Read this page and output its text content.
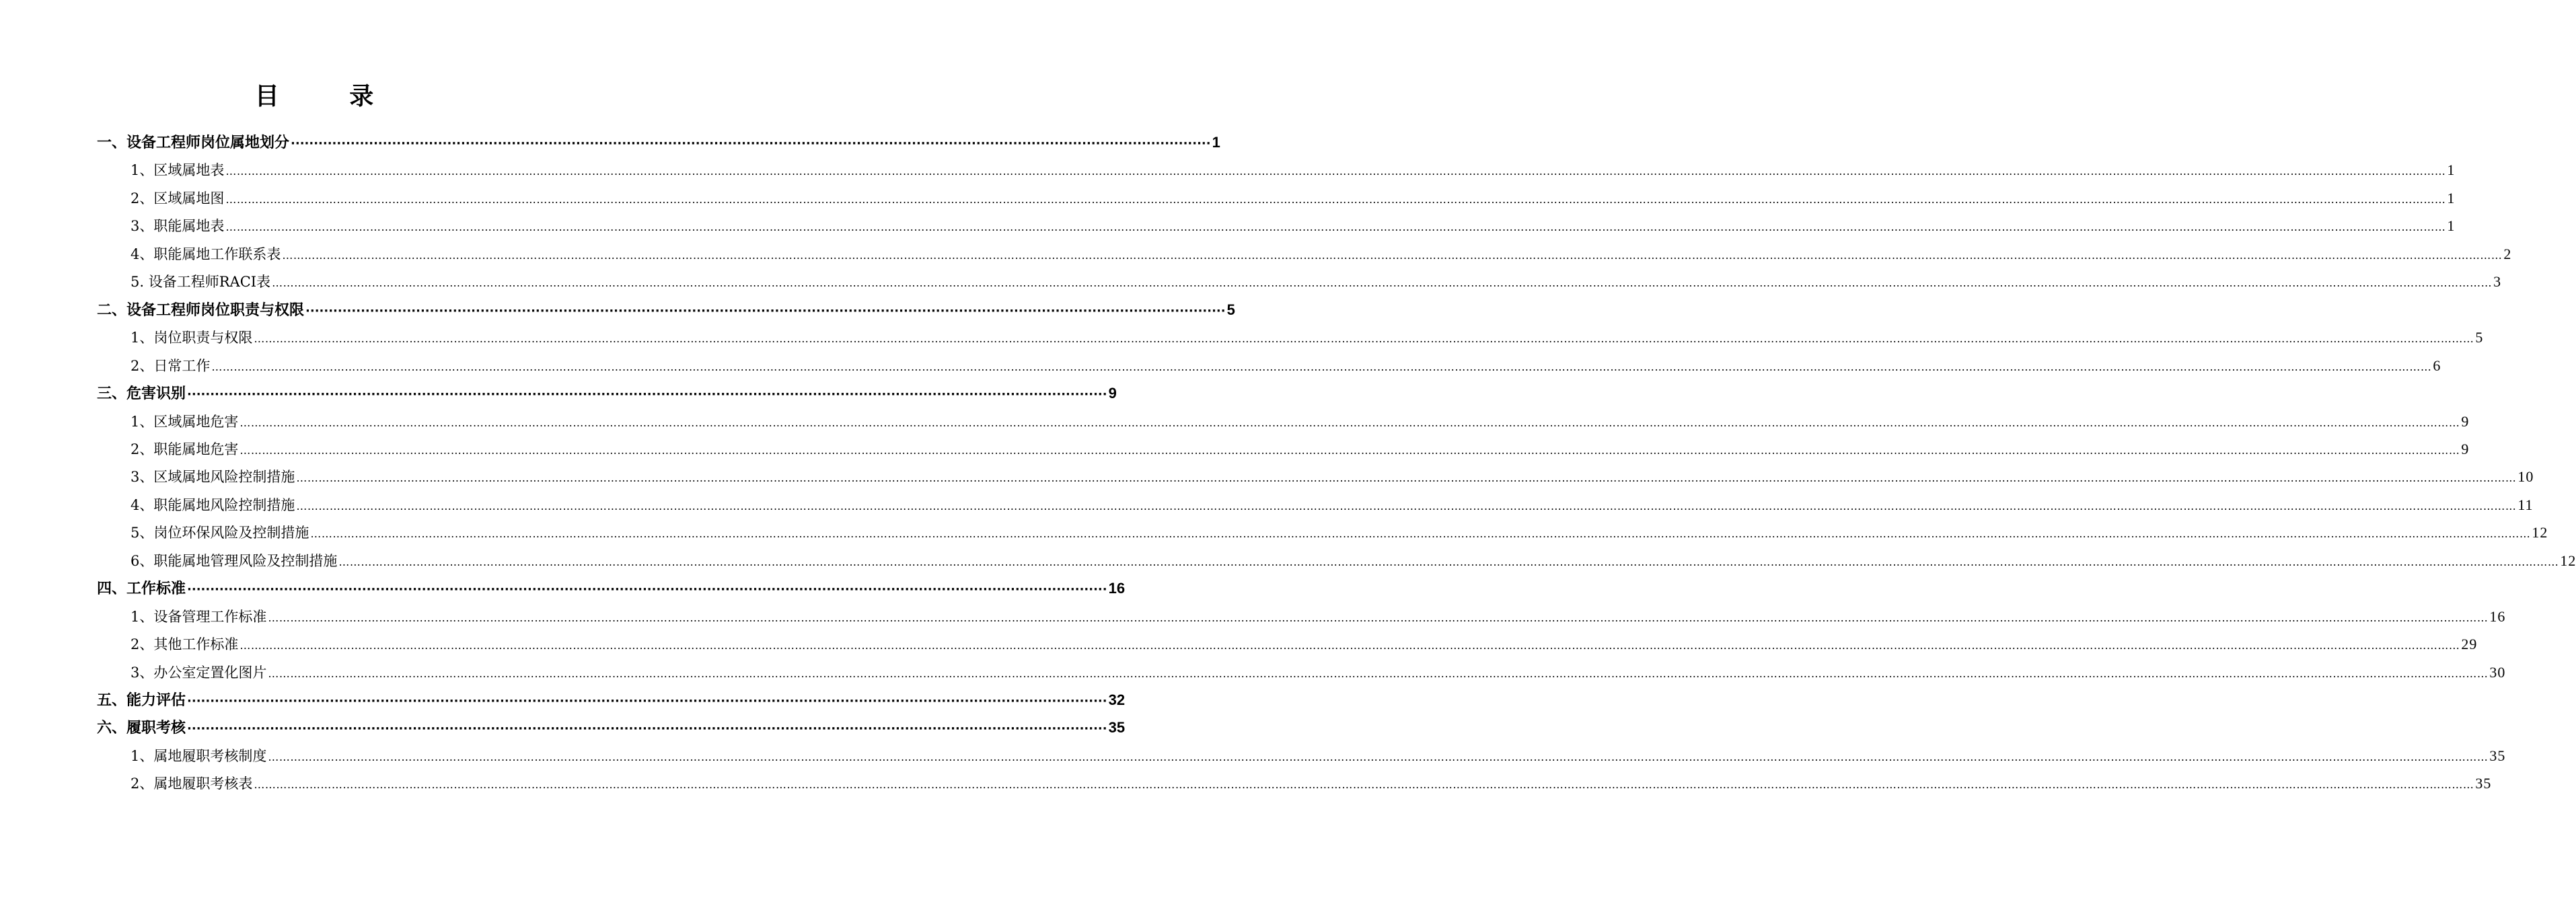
目 录
一、设备工程师岗位属地划分 ········································································································································································································ 1
1、区域属地表 …………………………………………………………………………………………………………………………………………………………………………………………………………………………………………………………………………………………………………………………………………………………………………………………………………………………………………………………………………………………………………………………………………………… 1
2、区域属地图 …………………………………………………………………………………………………………………………………………………………………………………………………………………………………………………………………………………………………………………………………………………………………………………………………………………………………………………………………………………………………………………………………………………… 1
3、职能属地表 …………………………………………………………………………………………………………………………………………………………………………………………………………………………………………………………………………………………………………………………………………………………………………………………………………………………………………………………………………………………………………………………………………………… 1
4、职能属地工作联系表 …………………………………………………………………………………………………………………………………………………………………………………………………………………………………………………………………………………………………………………………………………………………………………………………………………………………………………………………………………………………………………………………………………………… 2
5. 设备工程师RACI表 …………………………………………………………………………………………………………………………………………………………………………………………………………………………………………………………………………………………………………………………………………………………………………………………………………………………………………………………………………………………………………………………………………………… 3
二、设备工程师岗位职责与权限 ········································································································································································································ 5
1、岗位职责与权限 …………………………………………………………………………………………………………………………………………………………………………………………………………………………………………………………………………………………………………………………………………………………………………………………………………………………………………………………………………………………………………………………………………………… 5
2、日常工作 …………………………………………………………………………………………………………………………………………………………………………………………………………………………………………………………………………………………………………………………………………………………………………………………………………………………………………………………………………………………………………………………………………………… 6
三、危害识别 ········································································································································································································ 9
1、区域属地危害 …………………………………………………………………………………………………………………………………………………………………………………………………………………………………………………………………………………………………………………………………………………………………………………………………………………………………………………………………………………………………………………………………………………… 9
2、职能属地危害 …………………………………………………………………………………………………………………………………………………………………………………………………………………………………………………………………………………………………………………………………………………………………………………………………………………………………………………………………………………………………………………………………………………… 9
3、区域属地风险控制措施 …………………………………………………………………………………………………………………………………………………………………………………………………………………………………………………………………………………………………………………………………………………………………………………………………………………………………………………………………………………………………………………………………………………… 10
4、职能属地风险控制措施 …………………………………………………………………………………………………………………………………………………………………………………………………………………………………………………………………………………………………………………………………………………………………………………………………………………………………………………………………………………………………………………………………………………… 11
5、岗位环保风险及控制措施 …………………………………………………………………………………………………………………………………………………………………………………………………………………………………………………………………………………………………………………………………………………………………………………………………………………………………………………………………………………………………………………………………………………… 12
6、职能属地管理风险及控制措施 …………………………………………………………………………………………………………………………………………………………………………………………………………………………………………………………………………………………………………………………………………………………………………………………………………………………………………………………………………………………………………………………………………………… 12
四、工作标准 ········································································································································································································ 16
1、设备管理工作标准 …………………………………………………………………………………………………………………………………………………………………………………………………………………………………………………………………………………………………………………………………………………………………………………………………………………………………………………………………………………………………………………………………………………… 16
2、其他工作标准 …………………………………………………………………………………………………………………………………………………………………………………………………………………………………………………………………………………………………………………………………………………………………………………………………………………………………………………………………………………………………………………………………………………… 29
3、办公室定置化图片 …………………………………………………………………………………………………………………………………………………………………………………………………………………………………………………………………………………………………………………………………………………………………………………………………………………………………………………………………………………………………………………………………………………… 30
五、能力评估 ········································································································································································································ 32
六、履职考核 ········································································································································································································ 35
1、属地履职考核制度 …………………………………………………………………………………………………………………………………………………………………………………………………………………………………………………………………………………………………………………………………………………………………………………………………………………………………………………………………………………………………………………………………………………… 35
2、属地履职考核表 …………………………………………………………………………………………………………………………………………………………………………………………………………………………………………………………………………………………………………………………………………………………………………………………………………………………………………………………………………………………………………………………………………………… 35
